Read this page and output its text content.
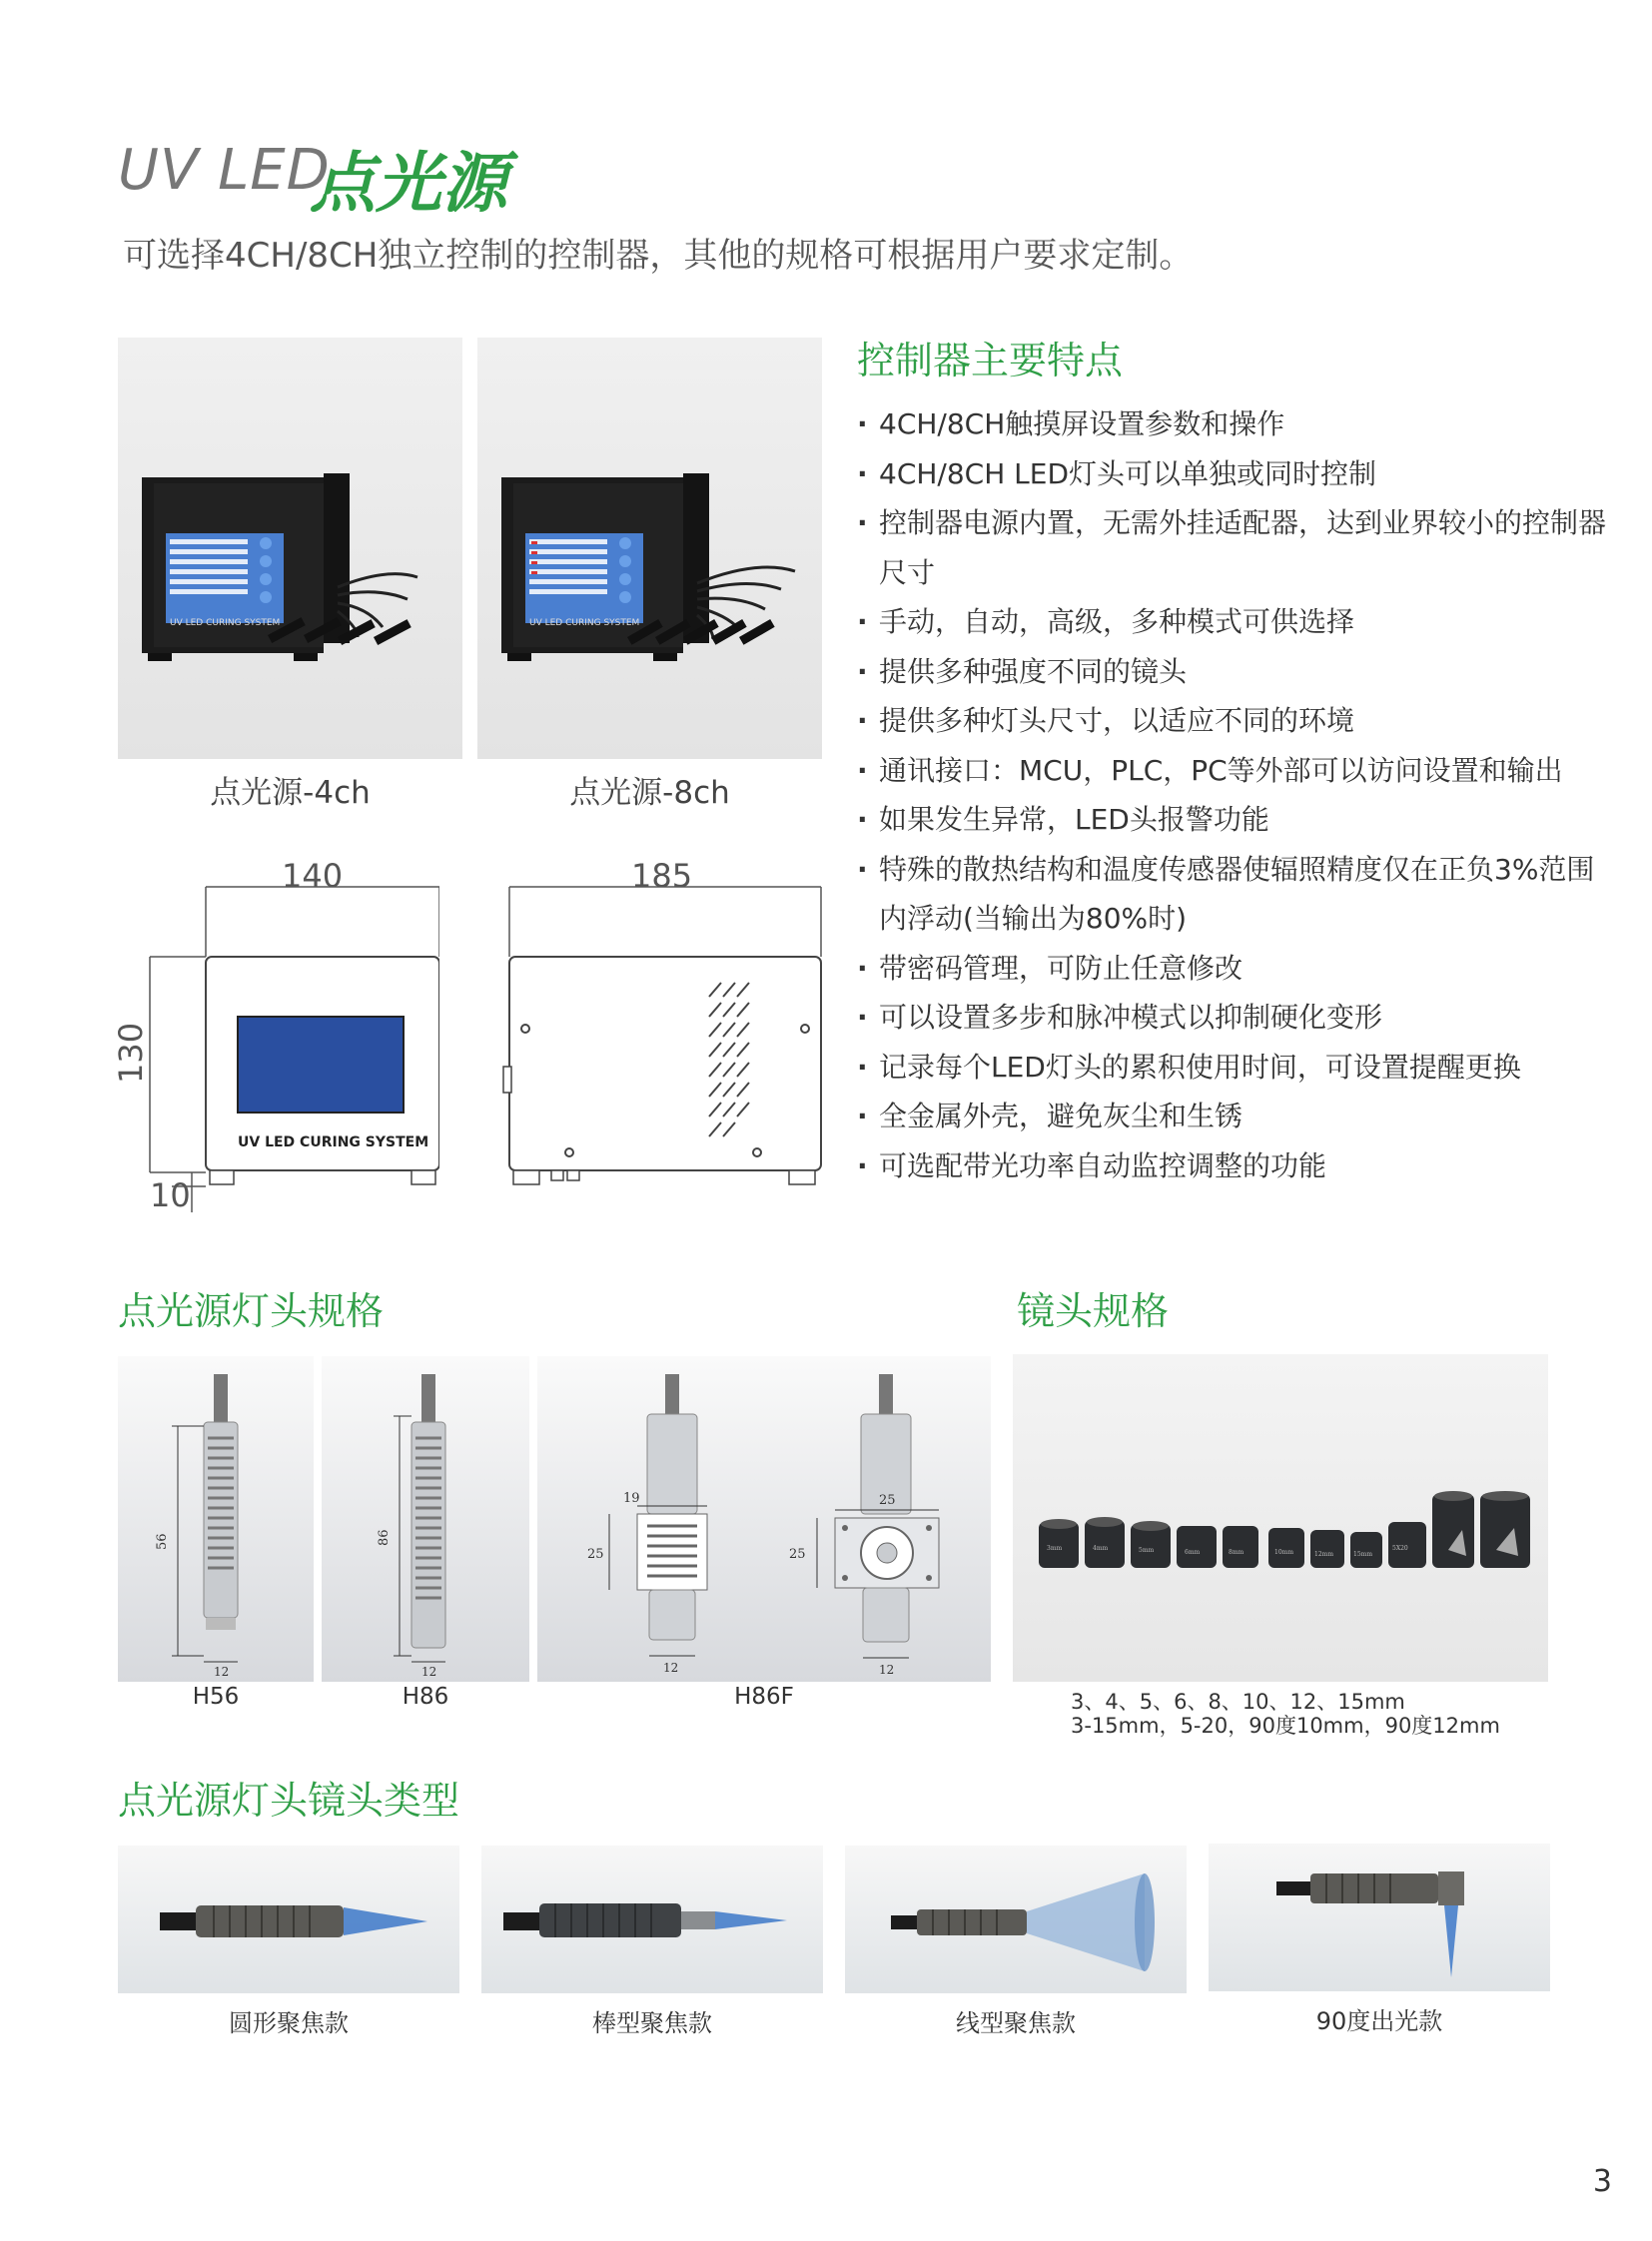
UV LED
点光源
可选择4CH/8CH独立控制的控制器，其他的规格可根据用户要求定制。
UV LED CURING SYSTEM
点光源-4ch
UV LED CURING SYSTEM
点光源-8ch
UV LED CURING SYSTEM
140
130
10
185
控制器主要特点
· 4CH/8CH触摸屏设置参数和操作
· 4CH/8CH LED灯头可以单独或同时控制
· 控制器电源内置，无需外挂适配器，达到业界较小的控制器尺寸
· 手动，自动，高级，多种模式可供选择
· 提供多种强度不同的镜头
· 提供多种灯头尺寸，以适应不同的环境
· 通讯接口：MCU，PLC，PC等外部可以访问设置和输出
· 如果发生异常，LED头报警功能
· 特殊的散热结构和温度传感器使辐照精度仅在正负3%范围内浮动(当输出为80%时)
· 带密码管理，可防止任意修改
· 可以设置多步和脉冲模式以抑制硬化变形
· 记录每个LED灯头的累积使用时间，可设置提醒更换
· 全金属外壳，避免灰尘和生锈
· 可选配带光功率自动监控调整的功能
点光源灯头规格
56
12
H56
86
12
H86
19
25
12
25
25
12
H86F
镜头规格
3mm	4mm	5mm	6mm	8mm	10mm	12mm	15mm
5X20
3、4、5、6、8、10、12、15mm
3-15mm，5-20，90度10mm，90度12mm
点光源灯头镜头类型
圆形聚焦款	棒型聚焦款	线型聚焦款	90度出光款
3
